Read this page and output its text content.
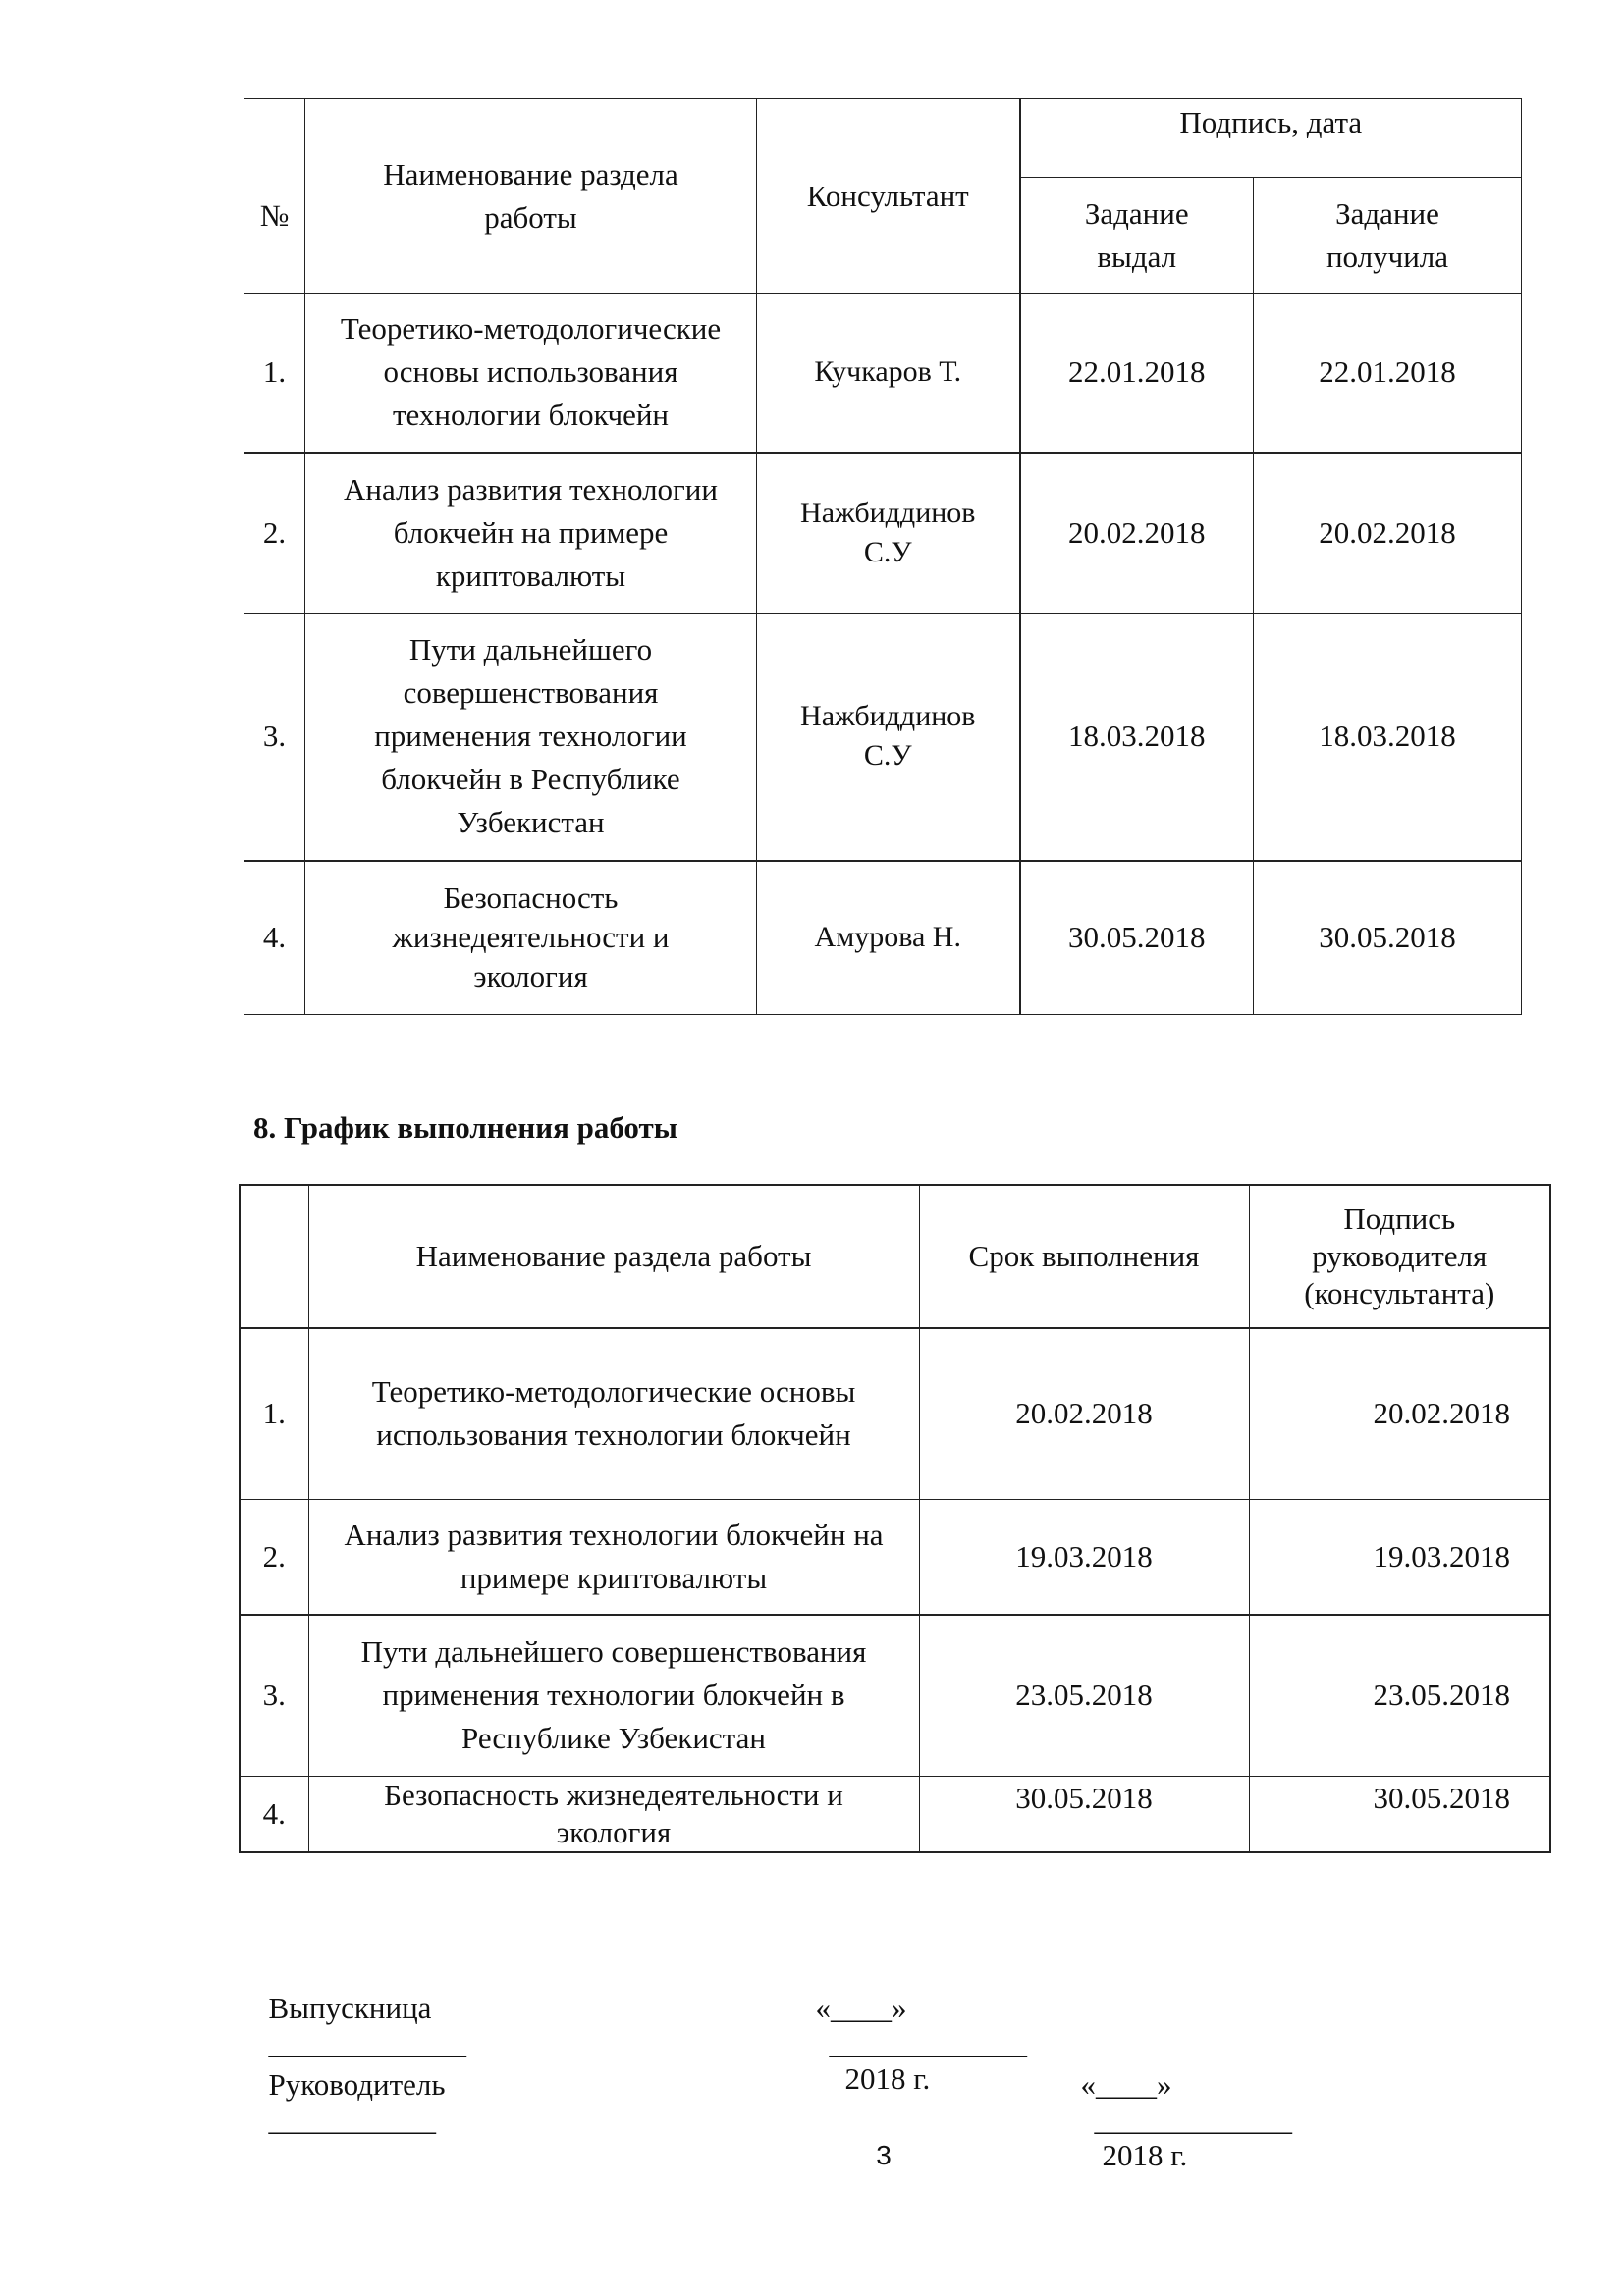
№	Наименование раздела работы	Консультант	Подпись, дата	
			Задание выдал	Задание получила
1.	Теоретико-методологические основы использования технологии блокчейн	Кучкаров Т.	22.01.2018	22.01.2018
2.	Анализ развития технологии блокчейн на примере криптовалюты	Нажбиддинов С.У	20.02.2018	20.02.2018
3.	Пути дальнейшего совершенствования применения технологии блокчейн в Республике Узбекистан	Нажбиддинов С.У	18.03.2018	18.03.2018
4.	Безопасность жизнедеятельности и экология	Амурова Н.	30.05.2018	30.05.2018
8. График выполнения работы
	Наименование раздела работы	Срок выполнения	Подпись руководителя (консультанта)
1.	Теоретико-методологические основы использования технологии блокчейн	20.02.2018	20.02.2018
2.	Анализ развития технологии блокчейн на примере криптовалюты	19.03.2018	19.03.2018
3.	Пути дальнейшего совершенствования применения технологии блокчейн в Республике Узбекистан	23.05.2018	23.05.2018
4.	Безопасность жизнедеятельности и экология	30.05.2018	30.05.2018

Выпускница
_____________

«____»
_____________
2018 г.

Руководитель
___________

«____»
_____________
2018 г.

3
